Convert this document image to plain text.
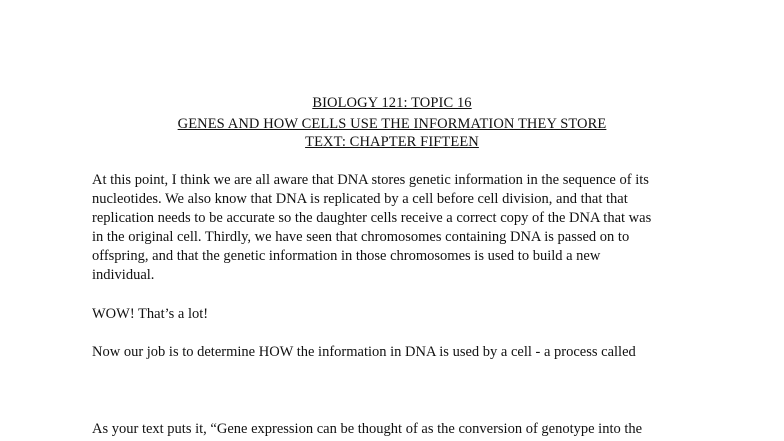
BIOLOGY 121: TOPIC 16
GENES AND HOW CELLS USE THE INFORMATION THEY STORE
TEXT: CHAPTER FIFTEEN
At this point, I think we are all aware that DNA stores genetic information in the sequence of its
nucleotides. We also know that DNA is replicated by a cell before cell division, and that that
replication needs to be accurate so the daughter cells receive a correct copy of the DNA that was
in the original cell. Thirdly, we have seen that chromosomes containing DNA is passed on to
offspring, and that the genetic information in those chromosomes is used to build a new
individual.
WOW! That’s a lot!
Now our job is to determine HOW the information in DNA is used by a cell - a process called
As your text puts it, “Gene expression can be thought of as the conversion of genotype into the
